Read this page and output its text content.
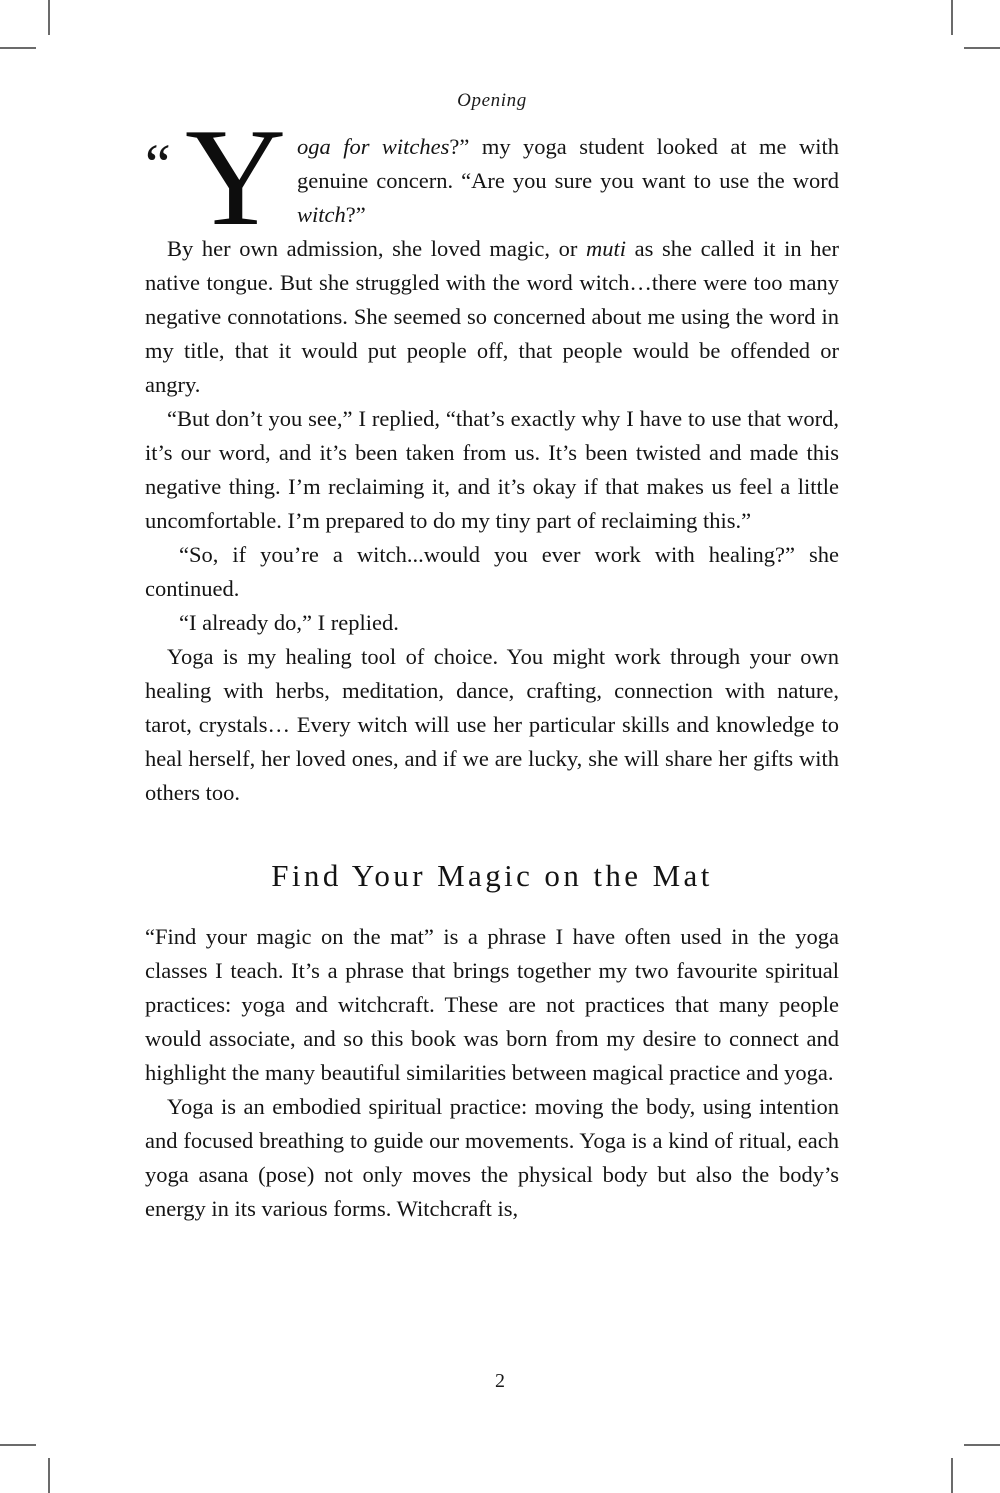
Opening

“ Y oga for witches?” my yoga student looked at me with genuine concern. “Are you sure you want to use the word witch?”

By her own admission, she loved magic, or muti as she called it in her native tongue. But she struggled with the word witch…there were too many negative connotations. She seemed so concerned about me using the word in my title, that it would put people off, that people would be offended or angry.

“But don’t you see,” I replied, “that’s exactly why I have to use that word, it’s our word, and it’s been taken from us. It’s been twisted and made this negative thing. I’m reclaiming it, and it’s okay if that makes us feel a little uncomfortable. I’m prepared to do my tiny part of reclaiming this.”

“So, if you’re a witch...would you ever work with healing?” she continued.

“I already do,” I replied.

Yoga is my healing tool of choice. You might work through your own healing with herbs, meditation, dance, crafting, connection with nature, tarot, crystals… Every witch will use her particular skills and knowledge to heal herself, her loved ones, and if we are lucky, she will share her gifts with others too.

Find Your Magic on the Mat

“Find your magic on the mat” is a phrase I have often used in the yoga classes I teach. It’s a phrase that brings together my two favourite spiritual practices: yoga and witchcraft. These are not practices that many people would associate, and so this book was born from my desire to connect and highlight the many beautiful similarities between magical practice and yoga.

Yoga is an embodied spiritual practice: moving the body, using intention and focused breathing to guide our movements. Yoga is a kind of ritual, each yoga asana (pose) not only moves the physical body but also the body’s energy in its various forms. Witchcraft is,

2
